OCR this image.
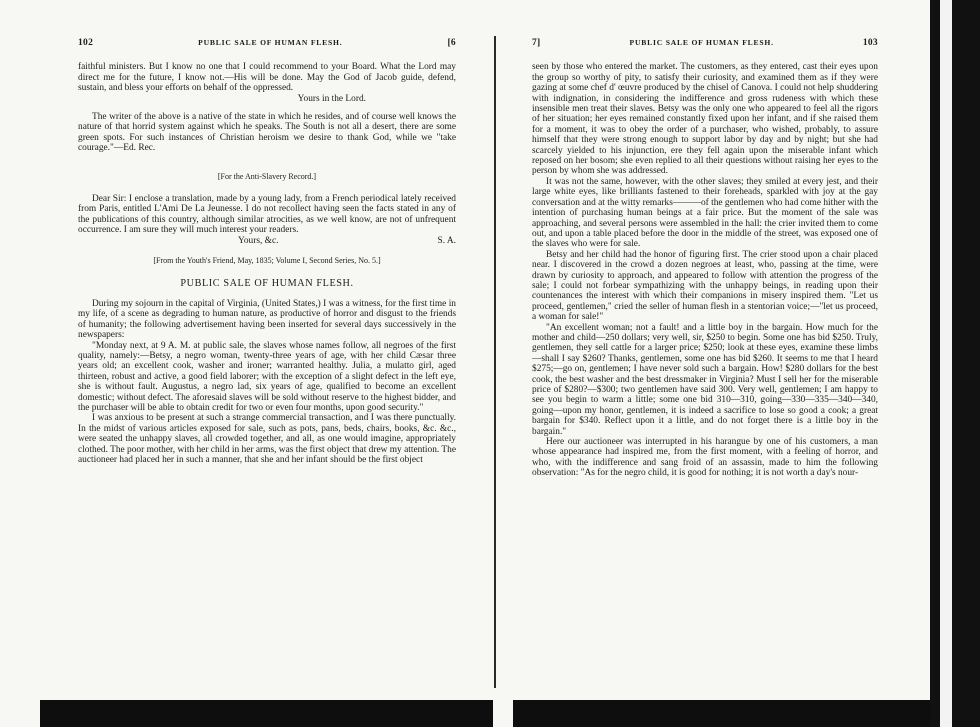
102	PUBLIC SALE OF HUMAN FLESH.	[6

faithful ministers. But I know no one that I could recommend to your Board. What the Lord may direct me for the future, I know not.—His will be done. May the God of Jacob guide, defend, sustain, and bless your efforts on behalf of the oppressed.

Yours in the Lord.

The writer of the above is a native of the state in which he resides, and of course well knows the nature of that horrid system against which he speaks. The South is not all a desert, there are some green spots. For such instances of Christian heroism we desire to thank God, while we "take courage."—Ed. Rec.

[For the Anti-Slavery Record.]

Dear Sir: I enclose a translation, made by a young lady, from a French periodical lately received from Paris, entitled L'Ami De La Jeunesse. I do not recollect having seen the facts stated in any of the publications of this country, although similar atrocities, as we well know, are not of unfrequent occurrence. I am sure they will much interest your readers.

Yours, &c.	S. A.

[From the Youth's Friend, May, 1835; Volume I, Second Series, No. 5.]

PUBLIC SALE OF HUMAN FLESH.

During my sojourn in the capital of Virginia, (United States,) I was a witness, for the first time in my life, of a scene as degrading to human nature, as productive of horror and disgust to the friends of humanity; the following advertisement having been inserted for several days successively in the newspapers:

"Monday next, at 9 A. M. at public sale, the slaves whose names follow, all negroes of the first quality, namely:—Betsy, a negro woman, twenty-three years of age, with her child Cæsar three years old; an excellent cook, washer and ironer; warranted healthy. Julia, a mulatto girl, aged thirteen, robust and active, a good field laborer; with the exception of a slight defect in the left eye, she is without fault. Augustus, a negro lad, six years of age, qualified to become an excellent domestic; without defect. The aforesaid slaves will be sold without reserve to the highest bidder, and the purchaser will be able to obtain credit for two or even four months, upon good security."

I was anxious to be present at such a strange commercial transaction, and I was there punctually. In the midst of various articles exposed for sale, such as pots, pans, beds, chairs, books, &c. &c., were seated the unhappy slaves, all crowded together, and all, as one would imagine, appropriately clothed. The poor mother, with her child in her arms, was the first object that drew my attention. The auctioneer had placed her in such a manner, that she and her infant should be the first object

7]	PUBLIC SALE OF HUMAN FLESH.	103

seen by those who entered the market. The customers, as they entered, cast their eyes upon the group so worthy of pity, to satisfy their curiosity, and examined them as if they were gazing at some chef d' œuvre produced by the chisel of Canova. I could not help shuddering with indignation, in considering the indifference and gross rudeness with which these insensible men treat their slaves. Betsy was the only one who appeared to feel all the rigors of her situation; her eyes remained constantly fixed upon her infant, and if she raised them for a moment, it was to obey the order of a purchaser, who wished, probably, to assure himself that they were strong enough to support labor by day and by night; but she had scarcely yielded to his injunction, ere they fell again upon the miserable infant which reposed on her bosom; she even replied to all their questions without raising her eyes to the person by whom she was addressed.

It was not the same, however, with the other slaves; they smiled at every jest, and their large white eyes, like brilliants fastened to their foreheads, sparkled with joy at the gay conversation and at the witty remarks———of the gentlemen who had come hither with the intention of purchasing human beings at a fair price. But the moment of the sale was approaching, and several persons were assembled in the hall: the crier invited them to come out, and upon a table placed before the door in the middle of the street, was exposed one of the slaves who were for sale.

Betsy and her child had the honor of figuring first. The crier stood upon a chair placed near. I discovered in the crowd a dozen negroes at least, who, passing at the time, were drawn by curiosity to approach, and appeared to follow with attention the progress of the sale; I could not forbear sympathizing with the unhappy beings, in reading upon their countenances the interest with which their companions in misery inspired them. "Let us proceed, gentlemen," cried the seller of human flesh in a stentorian voice;—"let us proceed, a woman for sale!"

"An excellent woman; not a fault! and a little boy in the bargain. How much for the mother and child—250 dollars; very well, sir, $250 to begin. Some one has bid $250. Truly, gentlemen, they sell cattle for a larger price; $250; look at these eyes, examine these limbs—shall I say $260? Thanks, gentlemen, some one has bid $260. It seems to me that I heard $275;—go on, gentlemen; I have never sold such a bargain. How! $280 dollars for the best cook, the best washer and the best dressmaker in Virginia? Must I sell her for the miserable price of $280?—$300; two gentlemen have said 300. Very well, gentlemen; I am happy to see you begin to warm a little; some one bid 310—310, going—330—335—340—340, going—upon my honor, gentlemen, it is indeed a sacrifice to lose so good a cook; a great bargain for $340. Reflect upon it a little, and do not forget there is a little boy in the bargain."

Here our auctioneer was interrupted in his harangue by one of his customers, a man whose appearance had inspired me, from the first moment, with a feeling of horror, and who, with the indifference and sang froid of an assassin, made to him the following observation: "As for the negro child, it is good for nothing; it is not worth a day's nour-
